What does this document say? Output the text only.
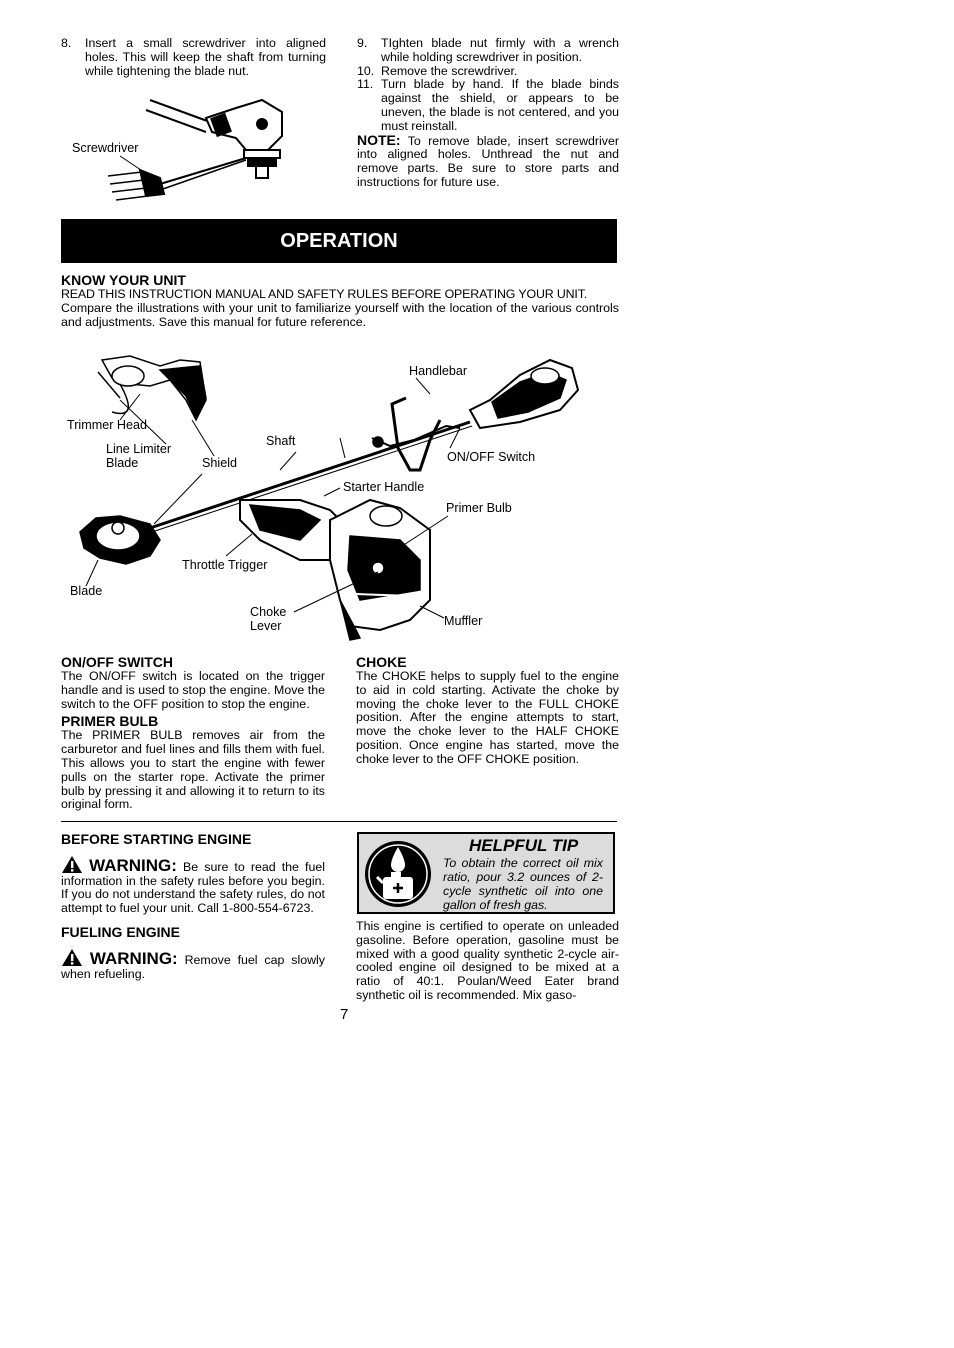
8.	Insert a small screwdriver into aligned holes. This will keep the shaft from turning while tightening the blade nut.
Screwdriver
9.	TIghten blade nut firmly with a wrench while holding screwdriver in position.
10. Remove the screwdriver.
11. Turn blade by hand. If the blade binds against the shield, or appears to be uneven, the blade is not centered, and you must reinstall.

NOTE: To remove blade, insert screwdriver into aligned holes. Unthread the nut and remove parts. Be sure to store parts and instructions for future use.

OPERATION

KNOW YOUR UNIT

READ THIS INSTRUCTION MANUAL AND SAFETY RULES BEFORE OPERATING YOUR UNIT.

Compare the illustrations with your unit to familiarize yourself with the location of the various controls and adjustments. Save this manual for future reference.

Handlebar
Trimmer Head
Shaft
Line Limiter
Blade	Shield	ON/OFF Switch
Starter Handle
Primer Bulb
Throttle Trigger
Blade
Choke
Lever	Muffler

ON/OFF SWITCH

The ON/OFF switch is located on the trigger handle and is used to stop the engine. Move the switch to the OFF position to stop the engine.

PRIMER BULB

The PRIMER BULB removes air from the carburetor and fuel lines and fills them with fuel. This allows you to start the engine with fewer pulls on the starter rope. Activate the primer bulb by pressing it and allowing it to return to its original form.

CHOKE

The CHOKE helps to supply fuel to the engine to aid in cold starting. Activate the choke by moving the choke lever to the FULL CHOKE position. After the engine attempts to start, move the choke lever to the HALF CHOKE position. Once engine has started, move the choke lever to the OFF CHOKE position.

BEFORE STARTING ENGINE

WARNING: Be sure to read the fuel information in the safety rules before you begin. If you do not understand the safety rules, do not attempt to fuel your unit. Call 1-800-554-6723.

FUELING ENGINE

WARNING: Remove fuel cap slowly when refueling.
HELPFUL TIP
To obtain the correct oil mix ratio, pour 3.2 ounces of 2-cycle synthetic oil into one gallon of fresh gas.

This engine is certified to operate on unleaded gasoline. Before operation, gasoline must be mixed with a good quality synthetic 2-cycle air-cooled engine oil designed to be mixed at a ratio of 40:1. Poulan/Weed Eater brand synthetic oil is recommended. Mix gaso-

7
